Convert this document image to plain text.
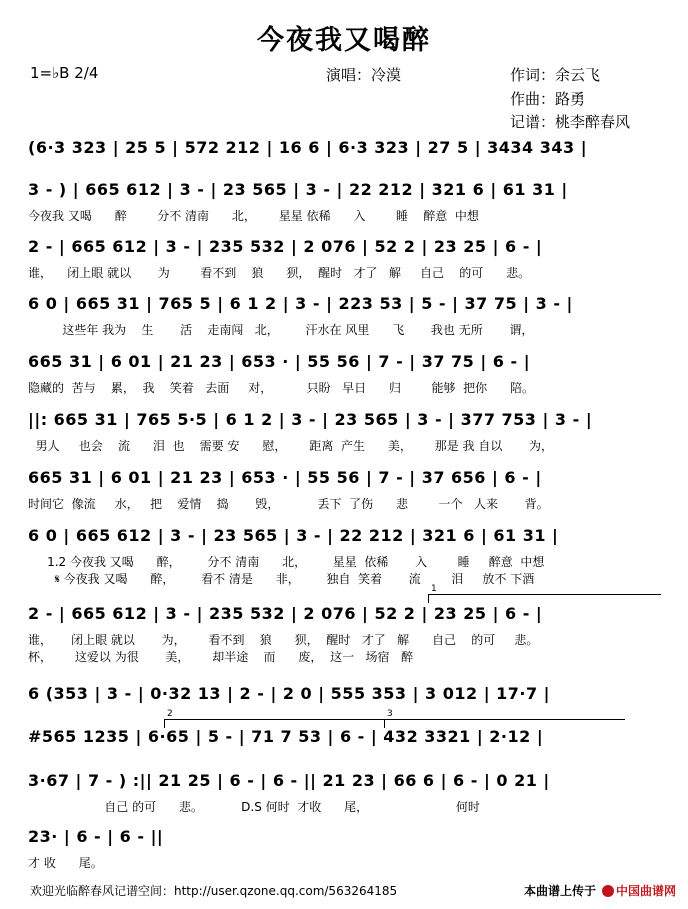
今夜我又喝醉
1=♭B 2/4	演唱：冷漠	作词：余云飞
作曲：路勇
记谱：桃李醉春风
(6·3 323 | 25 5 | 572 212 | 16 6 | 6·3 323 | 27 5 | 3434 343 |
3 - ) | 665 612 | 3 - | 23 565 | 3 - | 22 212 | 321 6 | 61 31 |
今夜我 又喝      醉        分不 清南      北，      星星 依稀      入        睡    醉意  中想
2 - | 665 612 | 3 - | 235 532 | 2 076 | 52 2 | 23 25 | 6 - |
谁，    闭上眼 就以       为        看不到    狼      狈，  醒时   才了   解     自己    的可      悲。
6 0 | 665 31 | 765 5 | 6 1 2 | 3 - | 223 53 | 5 - | 37 75 | 3 - |
这些年 我为    生       活    走南闯   北，       汗水在 风里      飞       我也 无所       谓，
665 31 | 6 01 | 21 23 | 653 · | 55 56 | 7 - | 37 75 | 6 - |
隐藏的  苦与    累，  我    笑着   去面     对，         只盼   早日      归        能够  把你      陪。
||: 665 31 | 765 5·5 | 6 1 2 | 3 - | 23 565 | 3 - | 377 753 | 3 - |
男人     也会    流      泪  也    需要 安      慰，      距离  产生      美，      那是 我 自以       为，
665 31 | 6 01 | 21 23 | 653 · | 55 56 | 7 - | 37 656 | 6 - |
时间它  像流     水，   把    爱情    捣       毁，          丢下  了伤      悲        一个   人来       背。
6 0 | 665 612 | 3 - | 23 565 | 3 - | 22 212 | 321 6 | 61 31 |
1.2 今夜我 又喝      醉，       分不 清南      北，       星星  依稀       入        睡     醉意  中想
𝄋 今夜我 又喝      醉，       看不 清是      非，       独自  笑着       流        泪     放不 下酒
2 - | 665 612 | 3 - | 235 532 | 2 076 | 52 2 | 23 25 | 6 - |
谁，     闭上眼 就以       为，      看不到    狼      狈，  醒时   才了   解      自己    的可     悲。
杯，      这爱以 为很       美，      却半途    而      废，  这一   场宿   醉
1
6 (353 | 3 - | 0·32 13 | 2 - | 2 0 | 555 353 | 3 012 | 17·7 |
#565 1235 | 6·65 | 5 - | 71 7 53 | 6 - | 432 3321 | 2·12 |
2	3
3·67 | 7 - ) :|| 21 25 | 6 - | 6 - || 21 23 | 66 6 | 6 - | 0 21 |
自己 的可      悲。          D.S 何时  才收      尾，                       何时
23· | 6 - | 6 - ||
才 收      尾。
欢迎光临醉春风记谱空间：http://user.qzone.qq.com/563264185	本曲谱上传于 中国曲谱网
